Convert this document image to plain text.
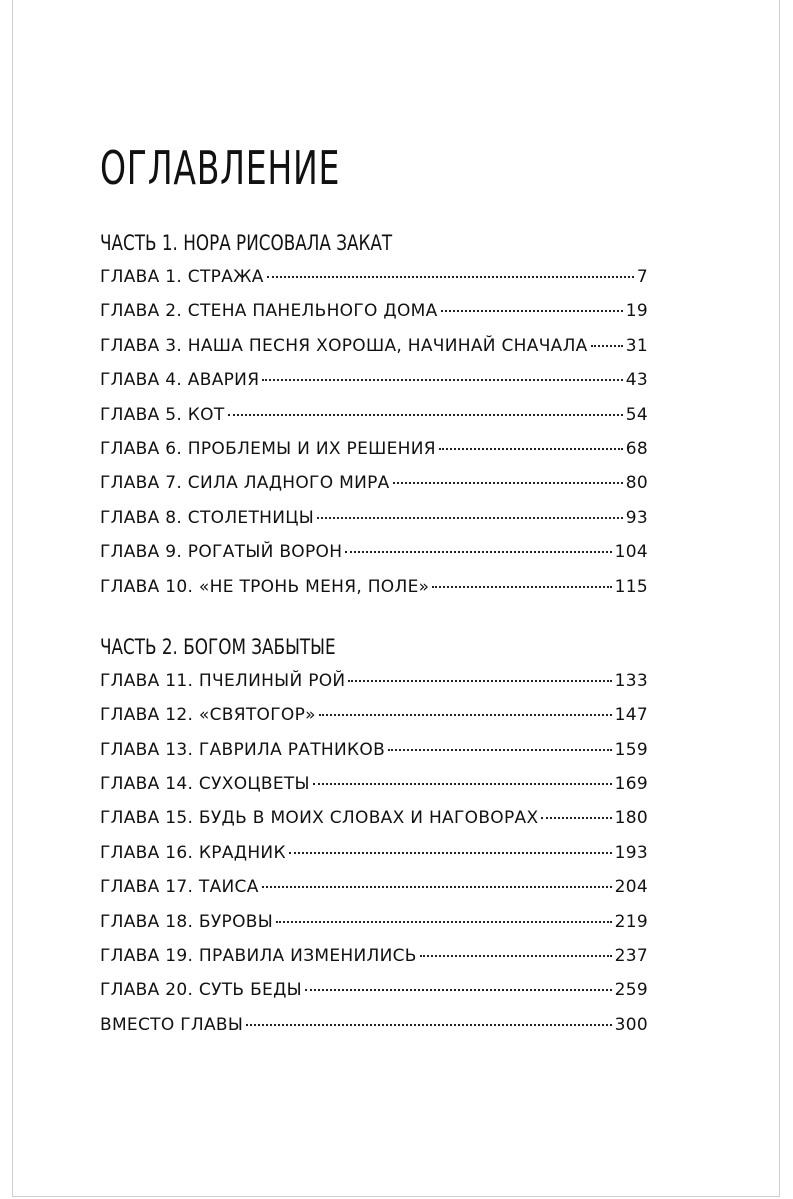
ОГЛАВЛЕНИЕ
ЧАСТЬ 1. НОРА РИСОВАЛА ЗАКАТ
ГЛАВА 1. СТРАЖА	7
ГЛАВА 2. СТЕНА ПАНЕЛЬНОГО ДОМА	19
ГЛАВА 3. НАША ПЕСНЯ ХОРОША, НАЧИНАЙ СНАЧАЛА 31
ГЛАВА 4. АВАРИЯ	43
ГЛАВА 5. КОТ	54
ГЛАВА 6. ПРОБЛЕМЫ И ИХ РЕШЕНИЯ	68
ГЛАВА 7. СИЛА ЛАДНОГО МИРА	80
ГЛАВА 8. СТОЛЕТНИЦЫ	93
ГЛАВА 9. РОГАТЫЙ ВОРОН	104
ГЛАВА 10. «НЕ ТРОНЬ МЕНЯ, ПОЛЕ»	115
ЧАСТЬ 2. БОГОМ ЗАБЫТЫЕ
ГЛАВА 11. ПЧЕЛИНЫЙ РОЙ	133
ГЛАВА 12. «СВЯТОГОР»	147
ГЛАВА 13. ГАВРИЛА РАТНИКОВ	159
ГЛАВА 14. СУХОЦВЕТЫ	169
ГЛАВА 15. БУДЬ В МОИХ СЛОВАХ И НАГОВОРАХ	180
ГЛАВА 16. КРАДНИК	193
ГЛАВА 17. ТАИСА	204
ГЛАВА 18. БУРОВЫ	219
ГЛАВА 19. ПРАВИЛА ИЗМЕНИЛИСЬ	237
ГЛАВА 20. СУТЬ БЕДЫ	259
ВМЕСТО ГЛАВЫ	300
